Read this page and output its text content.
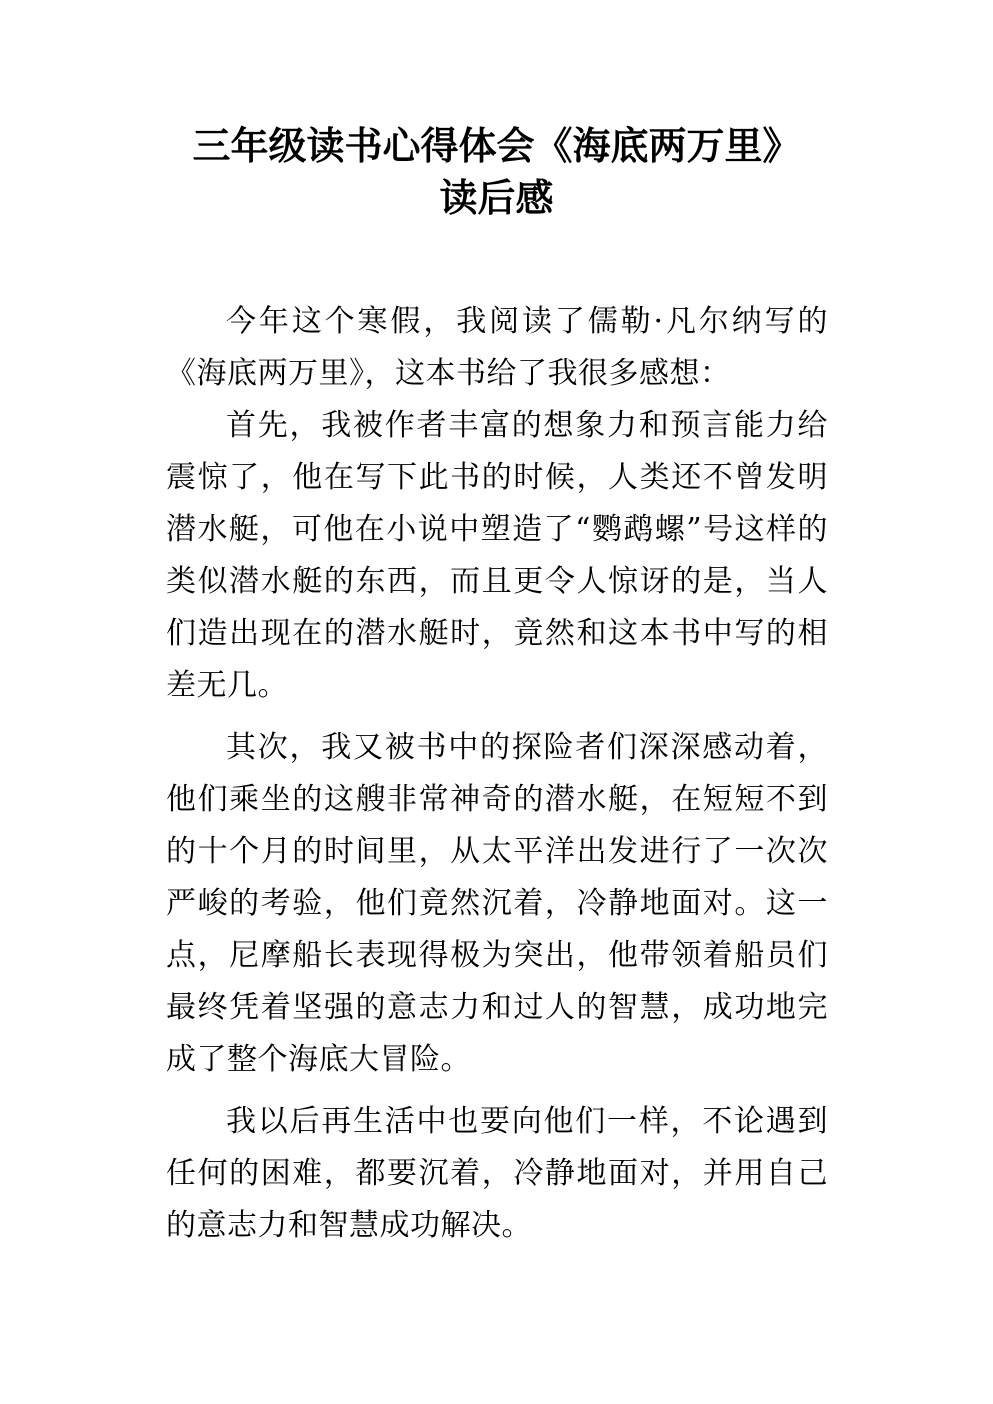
三年级读书心得体会《海底两万里》
读后感

今年这个寒假，我阅读了儒勒·凡尔纳写的《海底两万里》，这本书给了我很多感想：

首先，我被作者丰富的想象力和预言能力给震惊了，他在写下此书的时候，人类还不曾发明潜水艇，可他在小说中塑造了“鹦鹉螺”号这样的类似潜水艇的东西，而且更令人惊讶的是，当人们造出现在的潜水艇时，竟然和这本书中写的相差无几。

其次，我又被书中的探险者们深深感动着，他们乘坐的这艘非常神奇的潜水艇，在短短不到的十个月的时间里，从太平洋出发进行了一次次严峻的考验，他们竟然沉着，冷静地面对。这一点，尼摩船长表现得极为突出，他带领着船员们最终凭着坚强的意志力和过人的智慧，成功地完成了整个海底大冒险。

我以后再生活中也要向他们一样，不论遇到任何的困难，都要沉着，冷静地面对，并用自己的意志力和智慧成功解决。
